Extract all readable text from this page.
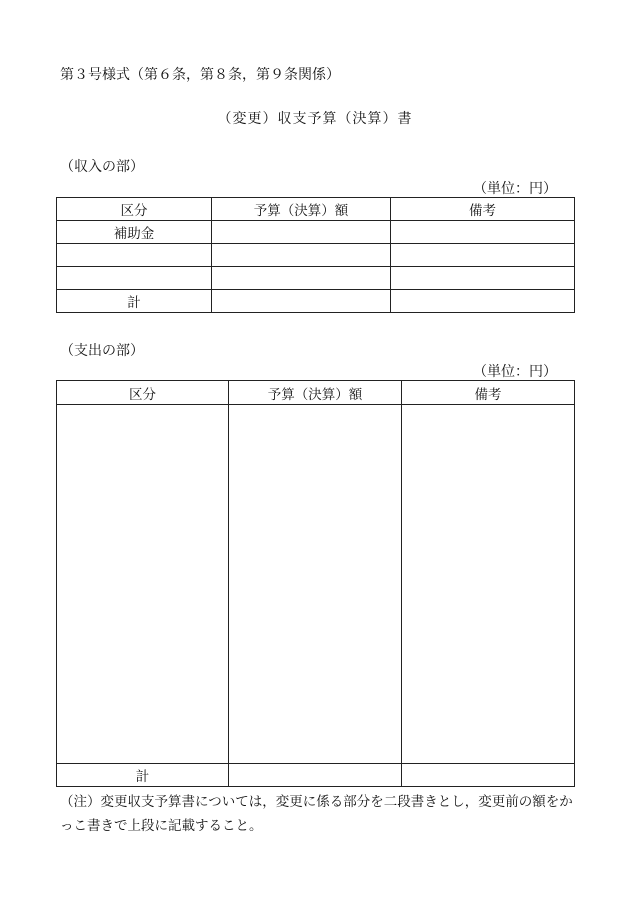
第３号様式（第６条，第８条，第９条関係）
（変更）収支予算（決算）書
（収入の部）
（単位：円）
区分	予算（決算）額	備考
補助金		

計		
（支出の部）
（単位：円）
区分	予算（決算）額	備考

計		
（注）変更収支予算書については，変更に係る部分を二段書きとし，変更前の額をかっこ書きで上段に記載すること。
